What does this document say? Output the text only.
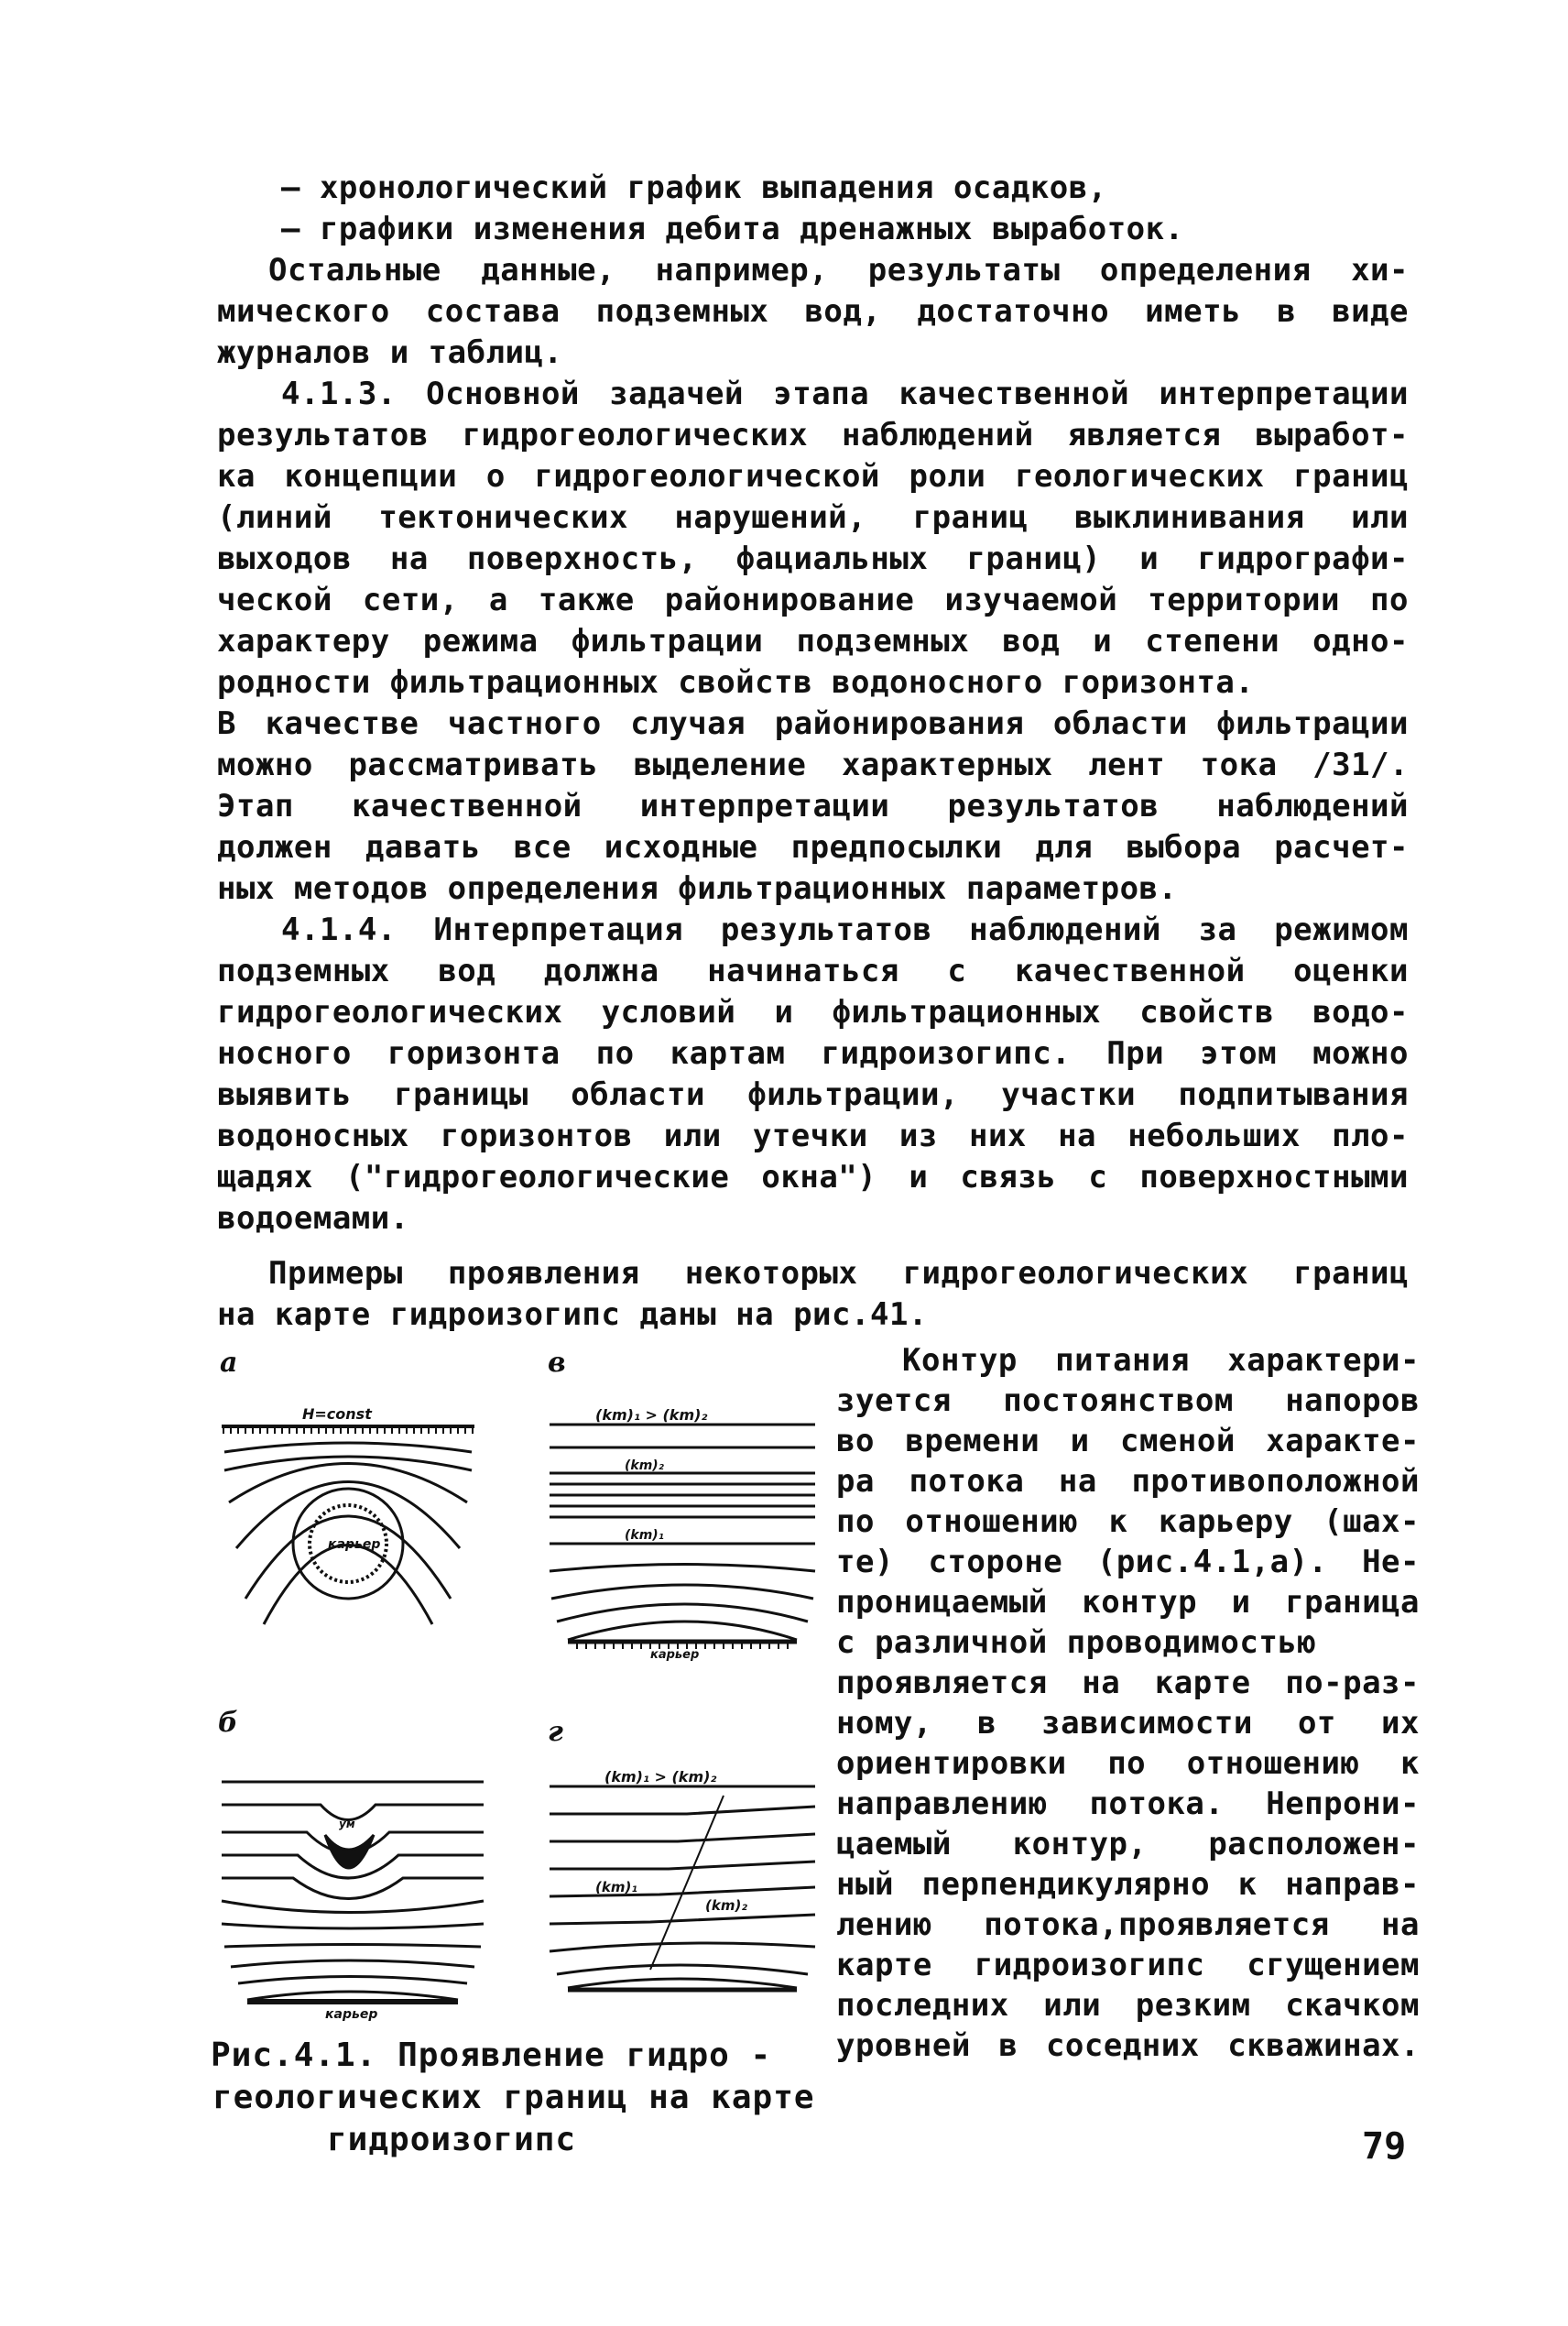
– хронологический график выпадения осадков,
– графики изменения дебита дренажных выработок.
Остальные данные, например, результаты определения хи-
мического состава подземных вод, достаточно иметь в виде
журналов и таблиц.
4.1.3. Основной задачей этапа качественной интерпретации
результатов гидрогеологических наблюдений является выработ-
ка концепции о гидрогеологической роли геологических границ
(линий тектонических нарушений, границ выклинивания или
выходов на поверхность, фациальных границ) и гидрографи-
ческой сети, а также районирование изучаемой территории по
характеру режима фильтрации подземных вод и степени одно-
родности фильтрационных свойств водоносного горизонта.
В качестве частного случая районирования области фильтрации
можно рассматривать выделение характерных лент тока /31/.
Этап качественной интерпретации результатов наблюдений
должен давать все исходные предпосылки для выбора расчет-
ных методов определения фильтрационных параметров.
4.1.4. Интерпретация результатов наблюдений за режимом
подземных вод должна начинаться с качественной оценки
гидрогеологических условий и фильтрационных свойств водо-
носного горизонта по картам гидроизогипс. При этом можно
выявить границы области фильтрации, участки подпитывания
водоносных горизонтов или утечки из них на небольших пло-
щадях ("гидрогеологические окна") и связь с поверхностными
водоемами.
Примеры проявления некоторых гидрогеологических границ
на карте гидроизогипс даны на рис.41.
Контур питания характери-
зуется постоянством напоров
во времени и сменой характе-
ра потока на противоположной
по отношению к карьеру (шах-
те) стороне (рис.4.1,а). Не-
проницаемый контур и граница
с различной проводимостью
проявляется на карте по-раз-
ному, в зависимости от их
ориентировки по отношению к
направлению потока. Непрони-
цаемый контур, расположен-
ный перпендикулярно к направ-
лению потока,проявляется на
карте гидроизогипс сгущением
последних или резким скачком
уровней в соседних скважинах.
а	в
б	г
H=const
карьер
(km)₁ > (km)₂
(km)₂
(km)₁
карьер
ум
карьер
(km)₁ > (km)₂
(km)₁
(km)₂
Рис.4.1. Проявление гидро -
геологических границ на карте
гидроизогипс	79
